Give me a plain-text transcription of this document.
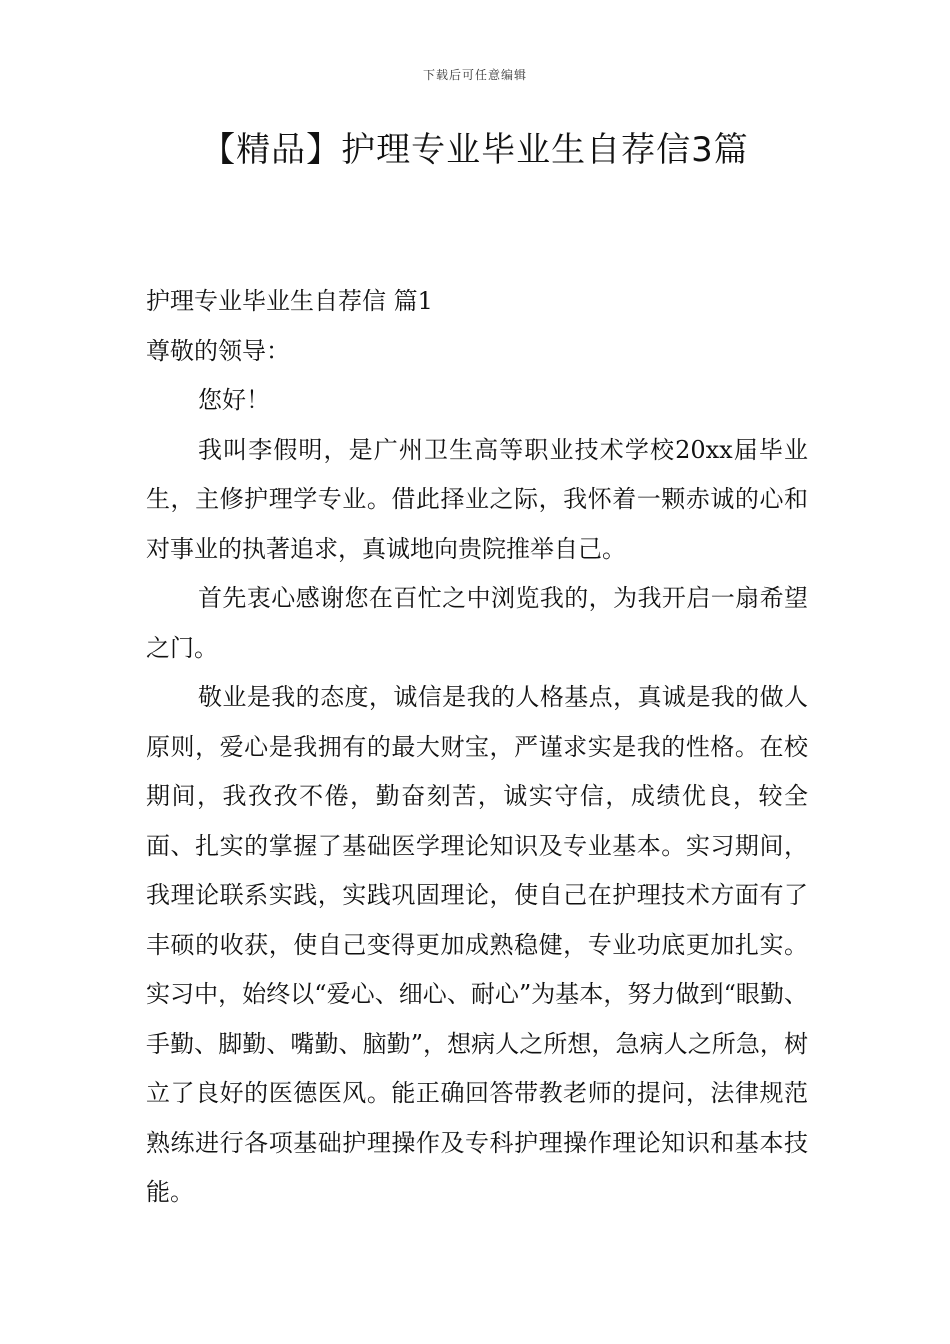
下载后可任意编辑
【精品】护理专业毕业生自荐信3篇

护理专业毕业生自荐信 篇1

尊敬的领导：

您好！

我叫李假明，是广州卫生高等职业技术学校20xx届毕业生，主修护理学专业。借此择业之际，我怀着一颗赤诚的心和对事业的执著追求，真诚地向贵院推举自己。

首先衷心感谢您在百忙之中浏览我的，为我开启一扇希望之门。

敬业是我的态度，诚信是我的人格基点，真诚是我的做人原则，爱心是我拥有的最大财宝，严谨求实是我的性格。在校期间，我孜孜不倦，勤奋刻苦，诚实守信，成绩优良，较全面、扎实的掌握了基础医学理论知识及专业基本。实习期间，我理论联系实践，实践巩固理论，使自己在护理技术方面有了丰硕的收获，使自己变得更加成熟稳健，专业功底更加扎实。实习中，始终以“爱心、细心、耐心”为基本，努力做到“眼勤、手勤、脚勤、嘴勤、脑勤”，想病人之所想，急病人之所急，树立了良好的医德医风。能正确回答带教老师的提问，法律规范熟练进行各项基础护理操作及专科护理操作理论知识和基本技能。
